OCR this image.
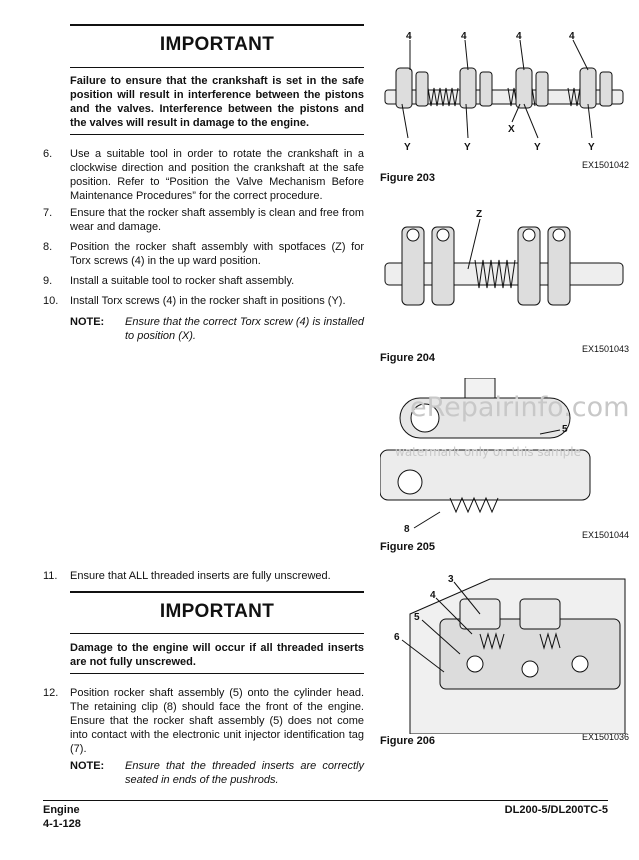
IMPORTANT
Failure to ensure that the crankshaft is set in the safe position will result in interference between the pistons and the valves. Interference between the pistons and the valves will result in damage to the engine.
6. Use a suitable tool in order to rotate the crankshaft in a clockwise direction and position the crankshaft at the safe position. Refer to “Position the Valve Mechanism Before Maintenance Procedures” for the correct procedure.
7. Ensure that the rocker shaft assembly is clean and free from wear and damage.
8. Position the rocker shaft assembly with spotfaces (Z) for Torx screws (4) in the up ward position.
9. Install a suitable tool to rocker shaft assembly.
10. Install Torx screws (4) in the rocker shaft in positions (Y).
NOTE: Ensure that the correct Torx screw (4) is installed to position (X).
11. Ensure that ALL threaded inserts are fully unscrewed.
IMPORTANT
Damage to the engine will occur if all threaded inserts are not fully unscrewed.
12. Position rocker shaft assembly (5) onto the cylinder head. The retaining clip (8) should face the front of the engine. Ensure that the rocker shaft assembly (5) does not come into contact with the electronic unit injector identification tag (7).
NOTE: Ensure that the threaded inserts are correctly seated in ends of the pushrods.
4	4	4	4
Y	Y	Y	Y
X
EX1501042
Figure 203
Z
EX1501043
Figure 204
5
8	EX1501044
Figure 205
3
4
5
6
EX1501036
Figure 206
eRepairinfo.com
watermark only on this sample
Engine
4-1-128
DL200-5/DL200TC-5
